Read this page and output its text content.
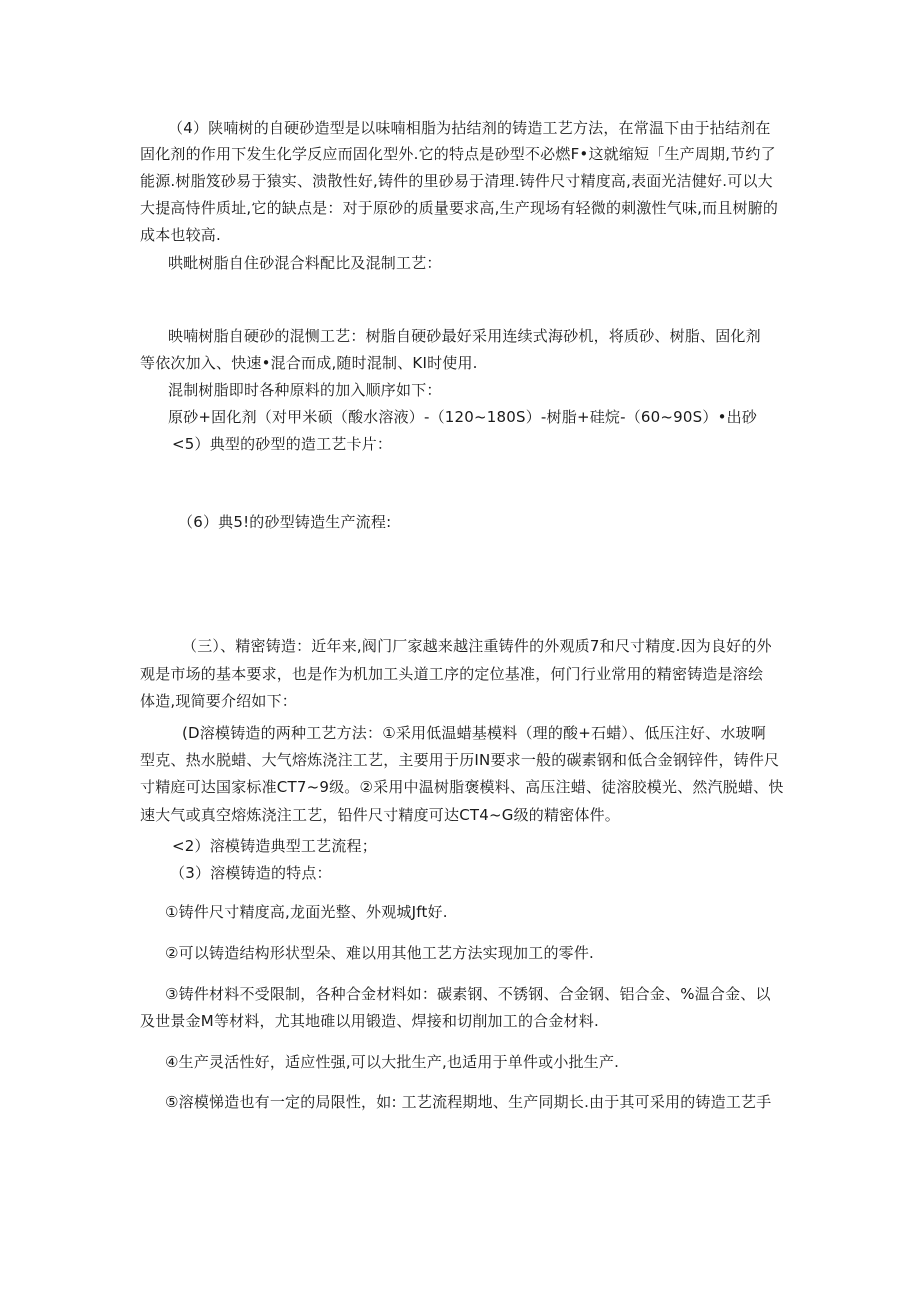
（4）陕喃树的自硬砂造型是以味喃相脂为拈结剂的铸造工艺方法，在常温下由于拈结剂在
固化剂的作用下发生化学反应而固化型外.它的特点是砂型不必燃F•这就缩短「生产周期,节约了
能源.树脂笈砂易于猿实、溃散性好,铸件的里砂易于清理.铸件尺寸精度高,表面光洁健好.可以大
大提高恃件质址,它的缺点是：对于原砂的质量要求高,生产现场有轻微的刺激性气味,而且树腑的
成本也较高.
哄毗树脂自住砂混合料配比及混制工艺：
映喃树脂自硬砂的混恻工艺：树脂自硬砂最好采用连续式海砂机，将质砂、树脂、固化剂
等依次加入、快速•混合而成,随时混制、KI时使用.
混制树脂即时各种原料的加入顺序如下：
原砂+固化剂（对甲米硕（酸水溶液）-（120~180S）-树脂+硅烷-（60~90S）•出砂
<5）典型的砂型的造工艺卡片：
（6）典5!的砂型铸造生产流程:
（三）、精密铸造：近年来,阀门厂家越来越注重铸件的外观质7和尺寸精度.因为良好的外
观是市场的基本要求，也是作为机加工头道工序的定位基准，何门行业常用的精密铸造是溶绘
体造,现简要介绍如下：
(D溶模铸造的两种工艺方法：①采用低温蜡基模料（理的酸+石蜡）、低压注好、水玻啊
型克、热水脱蜡、大气熔炼浇注工艺，主要用于历IN要求一般的碳素钢和低合金钢锌件，铸件尺
寸精庭可达国家标准CT7~9级。②采用中温树脂褒模料、高压注蜡、徒溶胶模光、然汽脱蜡、快
速大气或真空熔炼浇注工艺，铅件尺寸精度可达CT4~G级的精密体件。
<2）溶模铸造典型工艺流程；
（3）溶模铸造的特点：
①铸件尺寸精度高,龙面光整、外观城Jft好.
②可以铸造结构形状型朵、难以用其他工艺方法实现加工的零件.
③铸件材料不受限制，各种合金材料如：碳素钢、不锈钢、合金钢、铝合金、%温合金、以
及世景金M等材料，尤其地碓以用锻造、焊接和切削加工的合金材料.
④生产灵活性好，适应性强,可以大批生产,也适用于单件或小批生产.
⑤溶模悌造也有一定的局限性，如: 工艺流程期地、生产同期长.由于其可采用的铸造工艺手
